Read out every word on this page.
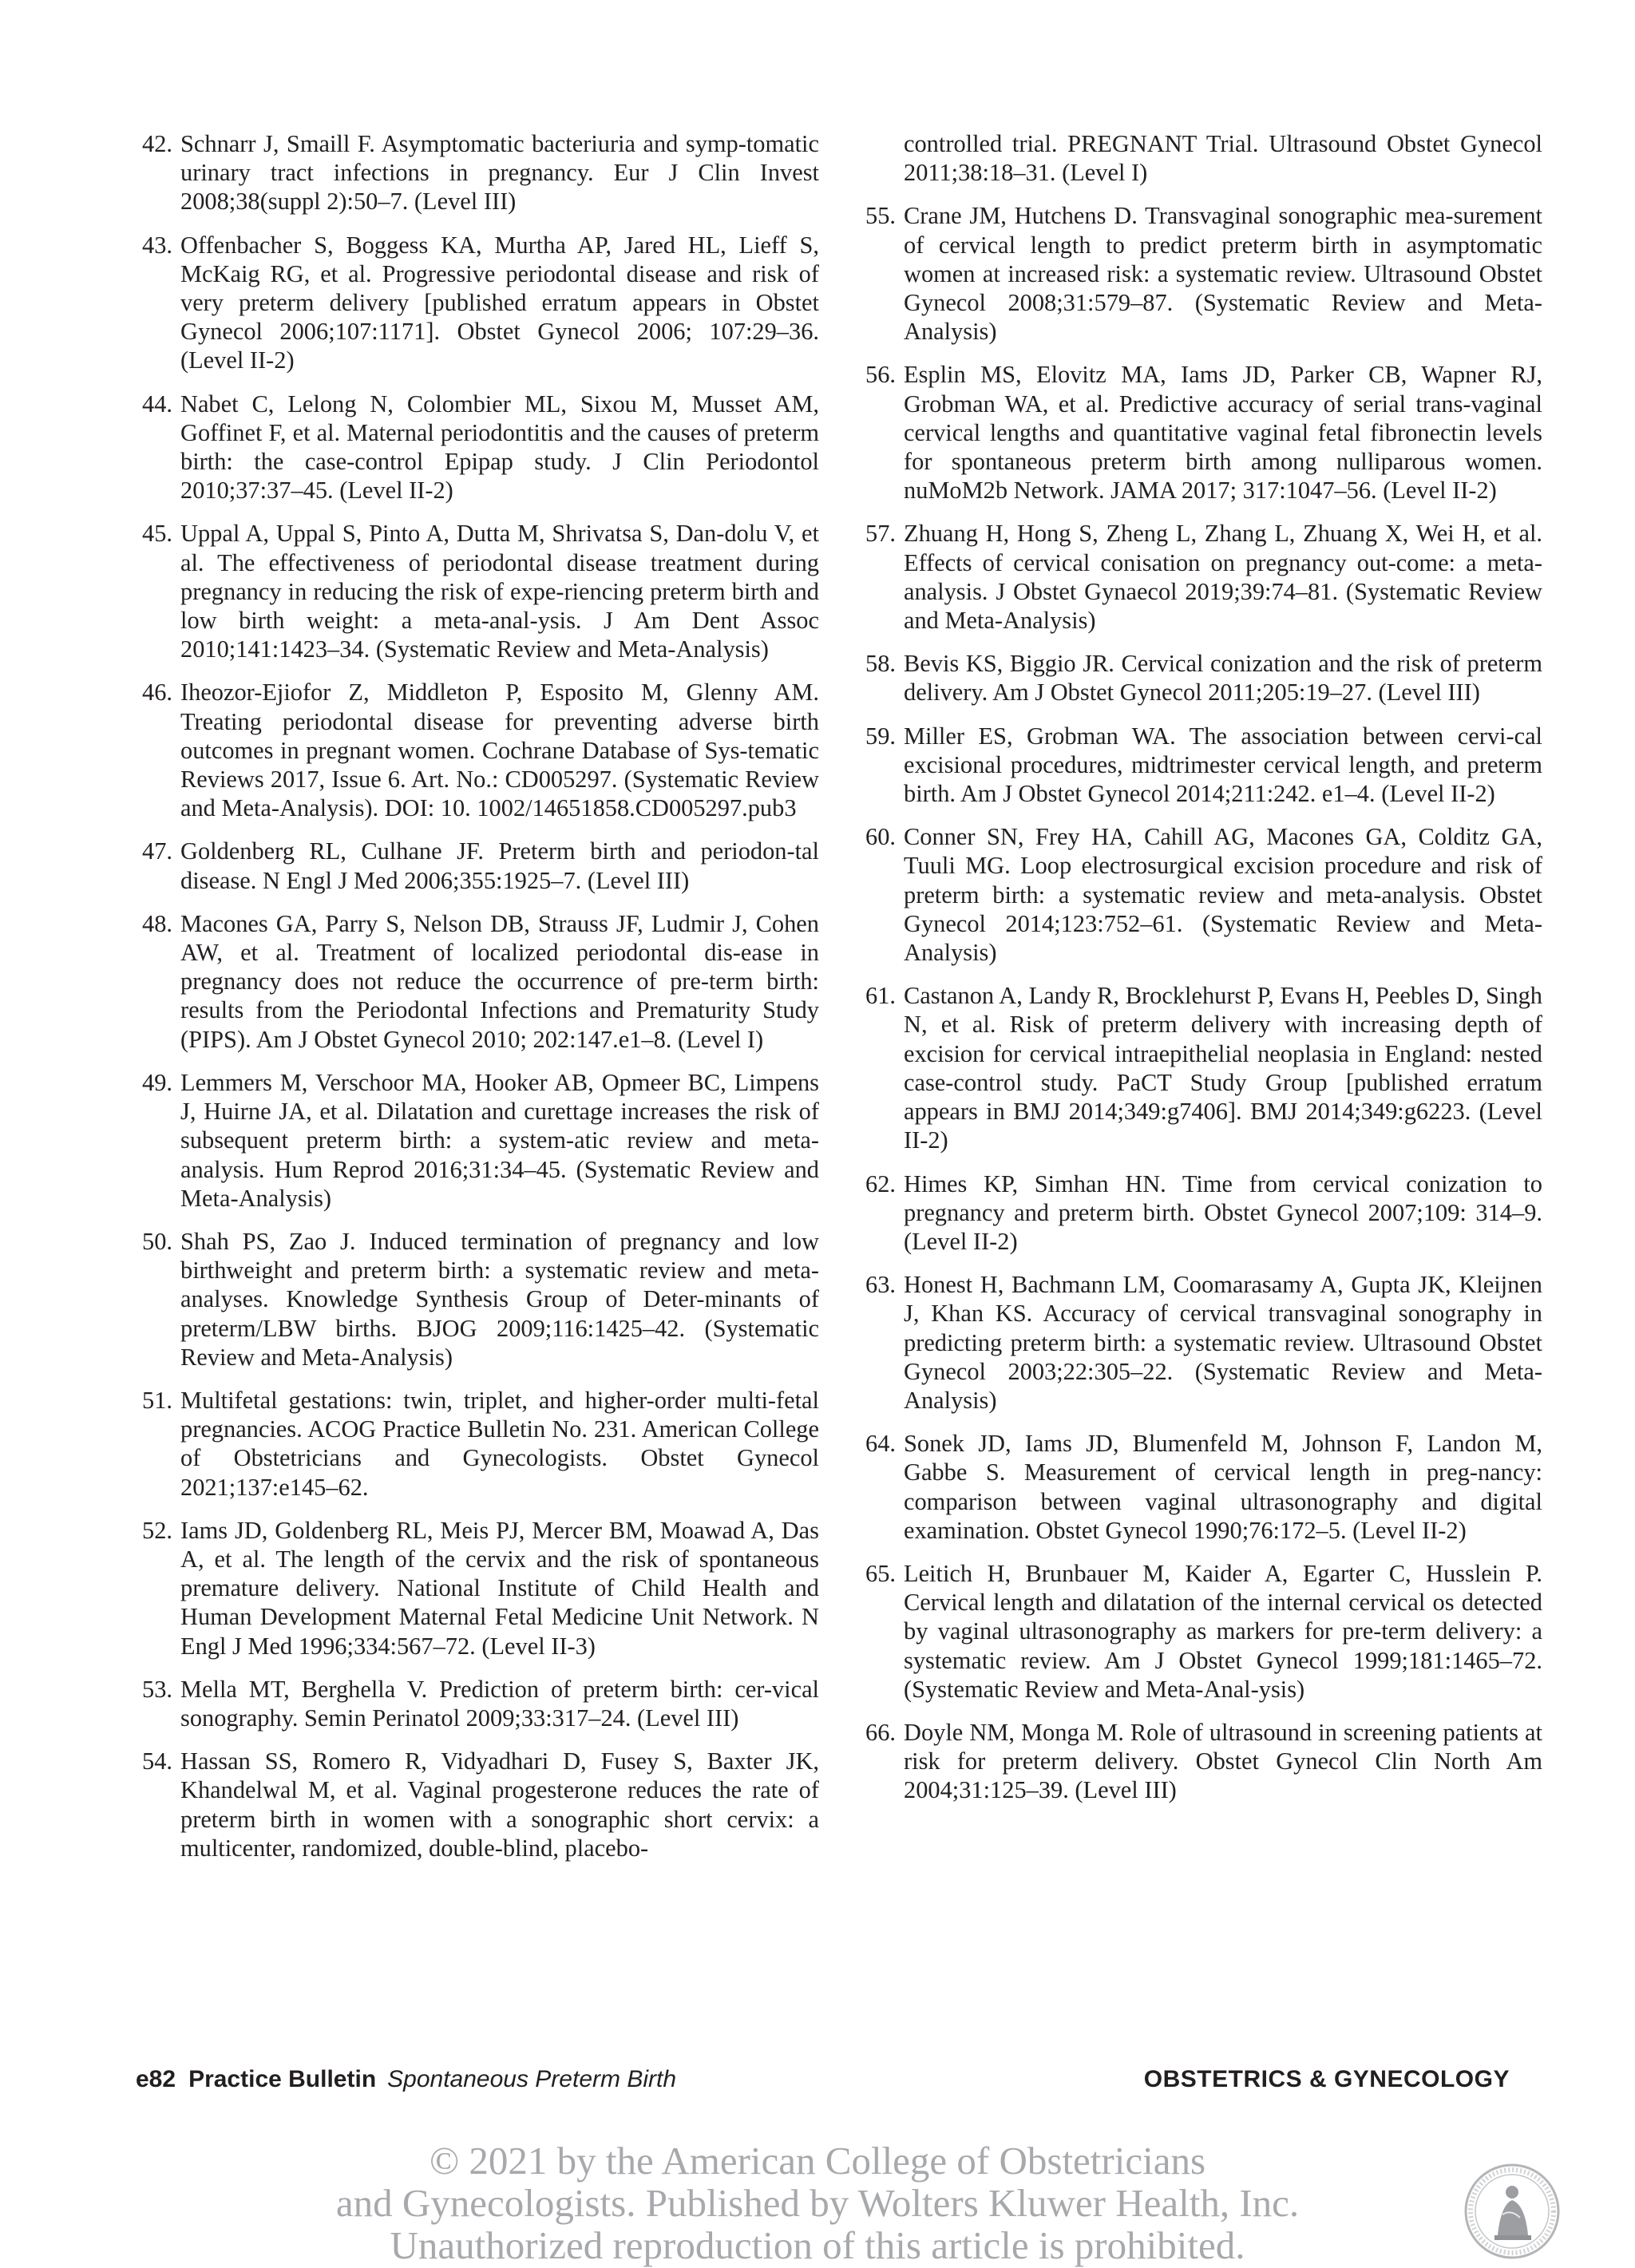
42. Schnarr J, Smaill F. Asymptomatic bacteriuria and symp-tomatic urinary tract infections in pregnancy. Eur J Clin Invest 2008;38(suppl 2):50–7. (Level III)
43. Offenbacher S, Boggess KA, Murtha AP, Jared HL, Lieff S, McKaig RG, et al. Progressive periodontal disease and risk of very preterm delivery [published erratum appears in Obstet Gynecol 2006;107:1171]. Obstet Gynecol 2006; 107:29–36. (Level II-2)
44. Nabet C, Lelong N, Colombier ML, Sixou M, Musset AM, Goffinet F, et al. Maternal periodontitis and the causes of preterm birth: the case-control Epipap study. J Clin Periodontol 2010;37:37–45. (Level II-2)
45. Uppal A, Uppal S, Pinto A, Dutta M, Shrivatsa S, Dan-dolu V, et al. The effectiveness of periodontal disease treatment during pregnancy in reducing the risk of expe-riencing preterm birth and low birth weight: a meta-anal-ysis. J Am Dent Assoc 2010;141:1423–34. (Systematic Review and Meta-Analysis)
46. Iheozor-Ejiofor Z, Middleton P, Esposito M, Glenny AM. Treating periodontal disease for preventing adverse birth outcomes in pregnant women. Cochrane Database of Sys-tematic Reviews 2017, Issue 6. Art. No.: CD005297. (Systematic Review and Meta-Analysis). DOI: 10. 1002/14651858.CD005297.pub3
47. Goldenberg RL, Culhane JF. Preterm birth and periodon-tal disease. N Engl J Med 2006;355:1925–7. (Level III)
48. Macones GA, Parry S, Nelson DB, Strauss JF, Ludmir J, Cohen AW, et al. Treatment of localized periodontal dis-ease in pregnancy does not reduce the occurrence of pre-term birth: results from the Periodontal Infections and Prematurity Study (PIPS). Am J Obstet Gynecol 2010; 202:147.e1–8. (Level I)
49. Lemmers M, Verschoor MA, Hooker AB, Opmeer BC, Limpens J, Huirne JA, et al. Dilatation and curettage increases the risk of subsequent preterm birth: a system-atic review and meta-analysis. Hum Reprod 2016;31:34–45. (Systematic Review and Meta-Analysis)
50. Shah PS, Zao J. Induced termination of pregnancy and low birthweight and preterm birth: a systematic review and meta-analyses. Knowledge Synthesis Group of Deter-minants of preterm/LBW births. BJOG 2009;116:1425–42. (Systematic Review and Meta-Analysis)
51. Multifetal gestations: twin, triplet, and higher-order multi-fetal pregnancies. ACOG Practice Bulletin No. 231. American College of Obstetricians and Gynecologists. Obstet Gynecol 2021;137:e145–62.
52. Iams JD, Goldenberg RL, Meis PJ, Mercer BM, Moawad A, Das A, et al. The length of the cervix and the risk of spontaneous premature delivery. National Institute of Child Health and Human Development Maternal Fetal Medicine Unit Network. N Engl J Med 1996;334:567–72. (Level II-3)
53. Mella MT, Berghella V. Prediction of preterm birth: cer-vical sonography. Semin Perinatol 2009;33:317–24. (Level III)
54. Hassan SS, Romero R, Vidyadhari D, Fusey S, Baxter JK, Khandelwal M, et al. Vaginal progesterone reduces the rate of preterm birth in women with a sonographic short cervix: a multicenter, randomized, double-blind, placebo-
controlled trial. PREGNANT Trial. Ultrasound Obstet Gynecol 2011;38:18–31. (Level I)
55. Crane JM, Hutchens D. Transvaginal sonographic mea-surement of cervical length to predict preterm birth in asymptomatic women at increased risk: a systematic review. Ultrasound Obstet Gynecol 2008;31:579–87. (Systematic Review and Meta-Analysis)
56. Esplin MS, Elovitz MA, Iams JD, Parker CB, Wapner RJ, Grobman WA, et al. Predictive accuracy of serial trans-vaginal cervical lengths and quantitative vaginal fetal fibronectin levels for spontaneous preterm birth among nulliparous women. nuMoM2b Network. JAMA 2017; 317:1047–56. (Level II-2)
57. Zhuang H, Hong S, Zheng L, Zhang L, Zhuang X, Wei H, et al. Effects of cervical conisation on pregnancy out-come: a meta-analysis. J Obstet Gynaecol 2019;39:74–81. (Systematic Review and Meta-Analysis)
58. Bevis KS, Biggio JR. Cervical conization and the risk of preterm delivery. Am J Obstet Gynecol 2011;205:19–27. (Level III)
59. Miller ES, Grobman WA. The association between cervi-cal excisional procedures, midtrimester cervical length, and preterm birth. Am J Obstet Gynecol 2014;211:242. e1–4. (Level II-2)
60. Conner SN, Frey HA, Cahill AG, Macones GA, Colditz GA, Tuuli MG. Loop electrosurgical excision procedure and risk of preterm birth: a systematic review and meta-analysis. Obstet Gynecol 2014;123:752–61. (Systematic Review and Meta-Analysis)
61. Castanon A, Landy R, Brocklehurst P, Evans H, Peebles D, Singh N, et al. Risk of preterm delivery with increasing depth of excision for cervical intraepithelial neoplasia in England: nested case-control study. PaCT Study Group [published erratum appears in BMJ 2014;349:g7406]. BMJ 2014;349:g6223. (Level II-2)
62. Himes KP, Simhan HN. Time from cervical conization to pregnancy and preterm birth. Obstet Gynecol 2007;109: 314–9. (Level II-2)
63. Honest H, Bachmann LM, Coomarasamy A, Gupta JK, Kleijnen J, Khan KS. Accuracy of cervical transvaginal sonography in predicting preterm birth: a systematic review. Ultrasound Obstet Gynecol 2003;22:305–22. (Systematic Review and Meta-Analysis)
64. Sonek JD, Iams JD, Blumenfeld M, Johnson F, Landon M, Gabbe S. Measurement of cervical length in preg-nancy: comparison between vaginal ultrasonography and digital examination. Obstet Gynecol 1990;76:172–5. (Level II-2)
65. Leitich H, Brunbauer M, Kaider A, Egarter C, Husslein P. Cervical length and dilatation of the internal cervical os detected by vaginal ultrasonography as markers for pre-term delivery: a systematic review. Am J Obstet Gynecol 1999;181:1465–72. (Systematic Review and Meta-Anal-ysis)
66. Doyle NM, Monga M. Role of ultrasound in screening patients at risk for preterm delivery. Obstet Gynecol Clin North Am 2004;31:125–39. (Level III)
e82 Practice Bulletin Spontaneous Preterm Birth	OBSTETRICS & GYNECOLOGY
© 2021 by the American College of Obstetricians
and Gynecologists. Published by Wolters Kluwer Health, Inc.
Unauthorized reproduction of this article is prohibited.
